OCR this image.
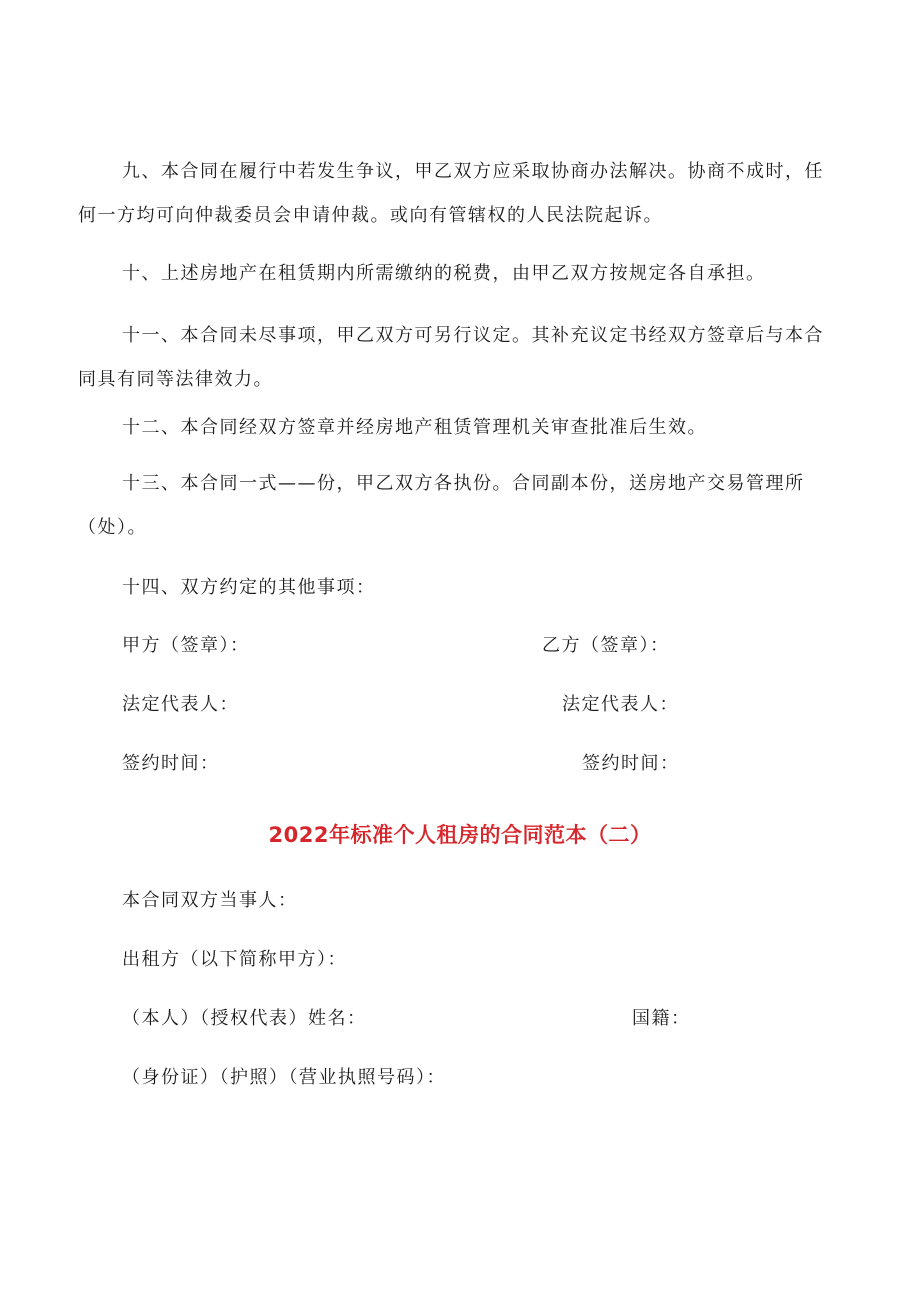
九、本合同在履行中若发生争议，甲乙双方应采取协商办法解决。协商不成时，任何一方均可向仲裁委员会申请仲裁。或向有管辖权的人民法院起诉。

十、上述房地产在租赁期内所需缴纳的税费，由甲乙双方按规定各自承担。

十一、本合同未尽事项，甲乙双方可另行议定。其补充议定书经双方签章后与本合同具有同等法律效力。

十二、本合同经双方签章并经房地产租赁管理机关审查批准后生效。

十三、本合同一式——份，甲乙双方各执份。合同副本份，送房地产交易管理所（处）。

十四、双方约定的其他事项：

甲方（签章）：	乙方（签章）：

法定代表人：	法定代表人：

签约时间：	签约时间：

2022年标准个人租房的合同范本（二）

本合同双方当事人：

出租方（以下简称甲方）：

（本人）（授权代表）姓名：	国籍：

（身份证）（护照）（营业执照号码）：
